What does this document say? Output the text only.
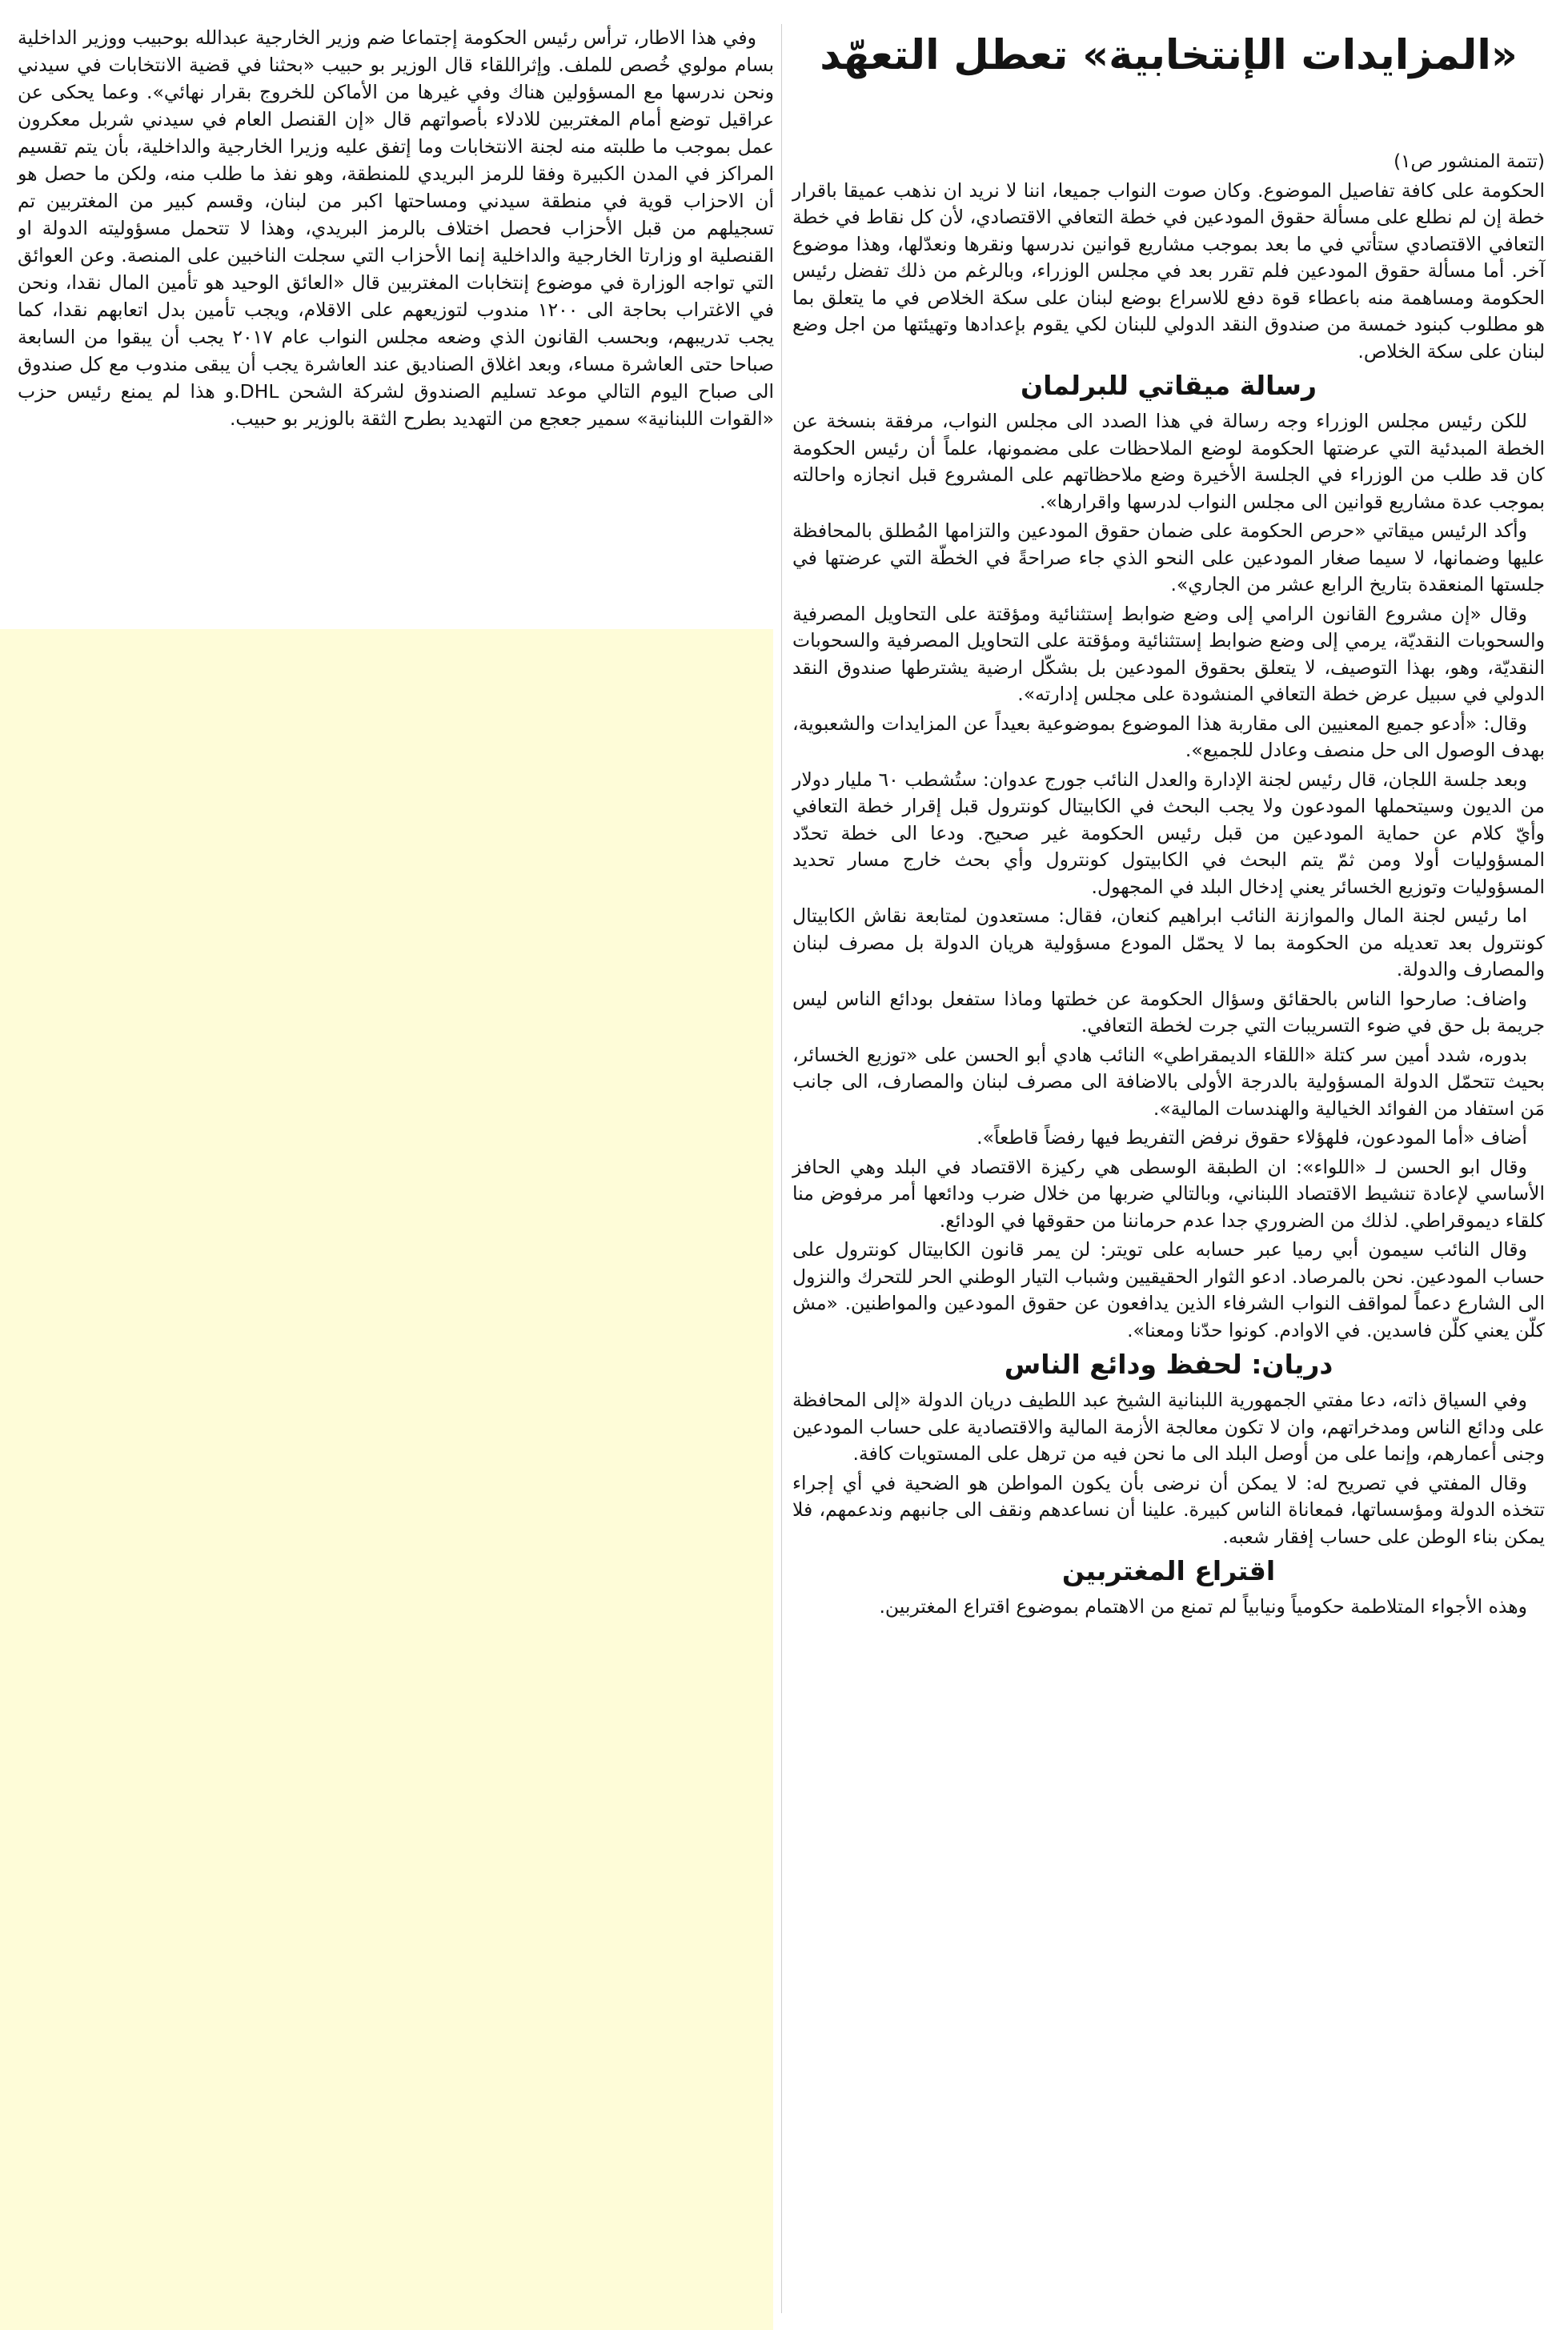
«المزايدات الإنتخابية» تعطل التعهّد
(تتمة المنشور ص١)

الحكومة على كافة تفاصيل الموضوع. وكان صوت النواب جميعا، اننا لا نريد ان نذهب عميقا باقرار خطة إن لم نطلع على مسألة حقوق المودعين في خطة التعافي الاقتصادي، لأن كل نقاط في خطة التعافي الاقتصادي ستأتي في ما بعد بموجب مشاريع قوانين ندرسها ونقرها ونعدّلها، وهذا موضوع آخر. أما مسألة حقوق المودعين فلم تقرر بعد في مجلس الوزراء، وبالرغم من ذلك تفضل رئيس الحكومة ومساهمة منه باعطاء قوة دفع للاسراع بوضع لبنان على سكة الخلاص في ما يتعلق بما هو مطلوب كبنود خمسة من صندوق النقد الدولي للبنان لكي يقوم بإعدادها وتهيئتها من اجل وضع لبنان على سكة الخلاص.

رسالة ميقاتي للبرلمان

للكن رئيس مجلس الوزراء وجه رسالة في هذا الصدد الى مجلس النواب، مرفقة بنسخة عن الخطة المبدئية التي عرضتها الحكومة لوضع الملاحظات على مضمونها، علماً أن رئيس الحكومة كان قد طلب من الوزراء في الجلسة الأخيرة وضع ملاحظاتهم على المشروع قبل انجازه واحالته بموجب عدة مشاريع قوانين الى مجلس النواب لدرسها واقرارها».

وأكد الرئيس ميقاتي «حرص الحكومة على ضمان حقوق المودعين والتزامها المُطلق بالمحافظة عليها وضمانها، لا سيما صغار المودعين على النحو الذي جاء صراحةً في الخطّة التي عرضتها في جلستها المنعقدة بتاريخ الرابع عشر من الجاري».

وقال «إن مشروع القانون الرامي إلى وضع ضوابط إستثنائية ومؤقتة على التحاويل المصرفية والسحوبات النقديّة، يرمي إلى وضع ضوابط إستثنائية ومؤقتة على التحاويل المصرفية والسحوبات النقديّة، وهو، بهذا التوصيف، لا يتعلق بحقوق المودعين بل بشكّل ارضية يشترطها صندوق النقد الدولي في سبيل عرض خطة التعافي المنشودة على مجلس إدارته».

وقال: «أدعو جميع المعنيين الى مقاربة هذا الموضوع بموضوعية بعيداً عن المزايدات والشعبوية، بهدف الوصول الى حل منصف وعادل للجميع».

وبعد جلسة اللجان، قال رئيس لجنة الإدارة والعدل النائب جورج عدوان: ستُشطب ٦٠ مليار دولار من الديون وسيتحملها المودعون ولا يجب البحث في الكابيتال كونترول قبل إقرار خطة التعافي وأيّ كلام عن حماية المودعين من قبل رئيس الحكومة غير صحيح. ودعا الى خطة تحدّد المسؤوليات أولا ومن ثمّ يتم البحث في الكابيتول كونترول وأي بحث خارج مسار تحديد المسؤوليات وتوزيع الخسائر يعني إدخال البلد في المجهول.

اما رئيس لجنة المال والموازنة النائب ابراهيم كنعان، فقال: مستعدون لمتابعة نقاش الكابيتال كونترول بعد تعديله من الحكومة بما لا يحمّل المودع مسؤولية هريان الدولة بل مصرف لبنان والمصارف والدولة.

واضاف: صارحوا الناس بالحقائق وسؤال الحكومة عن خطتها وماذا ستفعل بودائع الناس ليس جريمة بل حق في ضوء التسريبات التي جرت لخطة التعافي.

بدوره، شدد أمين سر كتلة «اللقاء الديمقراطي» النائب هادي أبو الحسن على «توزيع الخسائر، بحيث تتحمّل الدولة المسؤولية بالدرجة الأولى بالاضافة الى مصرف لبنان والمصارف، الى جانب مَن استفاد من الفوائد الخيالية والهندسات المالية».

أضاف «أما المودعون، فلهؤلاء حقوق نرفض التفريط فيها رفضاً قاطعاً».

وقال ابو الحسن لـ «اللواء»: ان الطبقة الوسطى هي ركيزة الاقتصاد في البلد وهي الحافز الأساسي لإعادة تنشيط الاقتصاد اللبناني، وبالتالي ضربها من خلال ضرب ودائعها أمر مرفوض منا كلقاء ديموقراطي. لذلك من الضروري جدا عدم حرماننا من حقوقها في الودائع.

وقال النائب سيمون أبي رميا عبر حسابه على تويتر: لن يمر قانون الكابيتال كونترول على حساب المودعين. نحن بالمرصاد. ادعو الثوار الحقيقيين وشباب التيار الوطني الحر للتحرك والنزول الى الشارع دعماً لمواقف النواب الشرفاء الذين يدافعون عن حقوق المودعين والمواطنين. «مش كلّن يعني كلّن فاسدين. في الاوادم. كونوا حدّنا ومعنا».

دريان: لحفظ ودائع الناس

وفي السياق ذاته، دعا مفتي الجمهورية اللبنانية الشيخ عبد اللطيف دريان الدولة «إلى المحافظة على ودائع الناس ومدخراتهم، وان لا تكون معالجة الأزمة المالية والاقتصادية على حساب المودعين وجنى أعمارهم، وإنما على من أوصل البلد الى ما نحن فيه من ترهل على المستويات كافة.

وقال المفتي في تصريح له: لا يمكن أن نرضى بأن يكون المواطن هو الضحية في أي إجراء تتخذه الدولة ومؤسساتها، فمعاناة الناس كبيرة. علينا أن نساعدهم ونقف الى جانبهم وندعمهم، فلا يمكن بناء الوطن على حساب إفقار شعبه.

اقتراع المغتربين

وهذه الأجواء المتلاطمة حكومياً ونيابياً لم تمنع من الاهتمام بموضوع اقتراع المغتربين.

وفي هذا الاطار، ترأس رئيس الحكومة إجتماعا ضم وزير الخارجية عبدالله بوحبيب ووزير الداخلية بسام مولوي خُصص للملف. وإثراللقاء قال الوزير بو حبيب «بحثنا في قضية الانتخابات في سيدني ونحن ندرسها مع المسؤولين هناك وفي غيرها من الأماكن للخروج بقرار نهائي». وعما يحكى عن عراقيل توضع أمام المغتربين للادلاء بأصواتهم قال «إن القنصل العام في سيدني شربل معكرون عمل بموجب ما طلبته منه لجنة الانتخابات وما إتفق عليه وزيرا الخارجية والداخلية، بأن يتم تقسيم المراكز في المدن الكبيرة وفقا للرمز البريدي للمنطقة، وهو نفذ ما طلب منه، ولكن ما حصل هو أن الاحزاب قوية في منطقة سيدني ومساحتها اكبر من لبنان، وقسم كبير من المغتربين تم تسجيلهم من قبل الأحزاب فحصل اختلاف بالرمز البريدي، وهذا لا تتحمل مسؤوليته الدولة او القنصلية او وزارتا الخارجية والداخلية إنما الأحزاب التي سجلت الناخبين على المنصة. وعن العوائق التي تواجه الوزارة في موضوع إنتخابات المغتربين قال «العائق الوحيد هو تأمين المال نقدا، ونحن في الاغتراب بحاجة الى ١٢٠٠ مندوب لتوزيعهم على الاقلام، ويجب تأمين بدل اتعابهم نقدا، كما يجب تدريبهم، وبحسب القانون الذي وضعه مجلس النواب عام ٢٠١٧ يجب أن يبقوا من السابعة صباحا حتى العاشرة مساء، وبعد اغلاق الصناديق عند العاشرة يجب أن يبقى مندوب مع كل صندوق الى صباح اليوم التالي موعد تسليم الصندوق لشركة الشحن DHL.و هذا لم يمنع رئيس حزب «القوات اللبنانية» سمير جعجع من التهديد بطرح الثقة بالوزير بو حبيب.
